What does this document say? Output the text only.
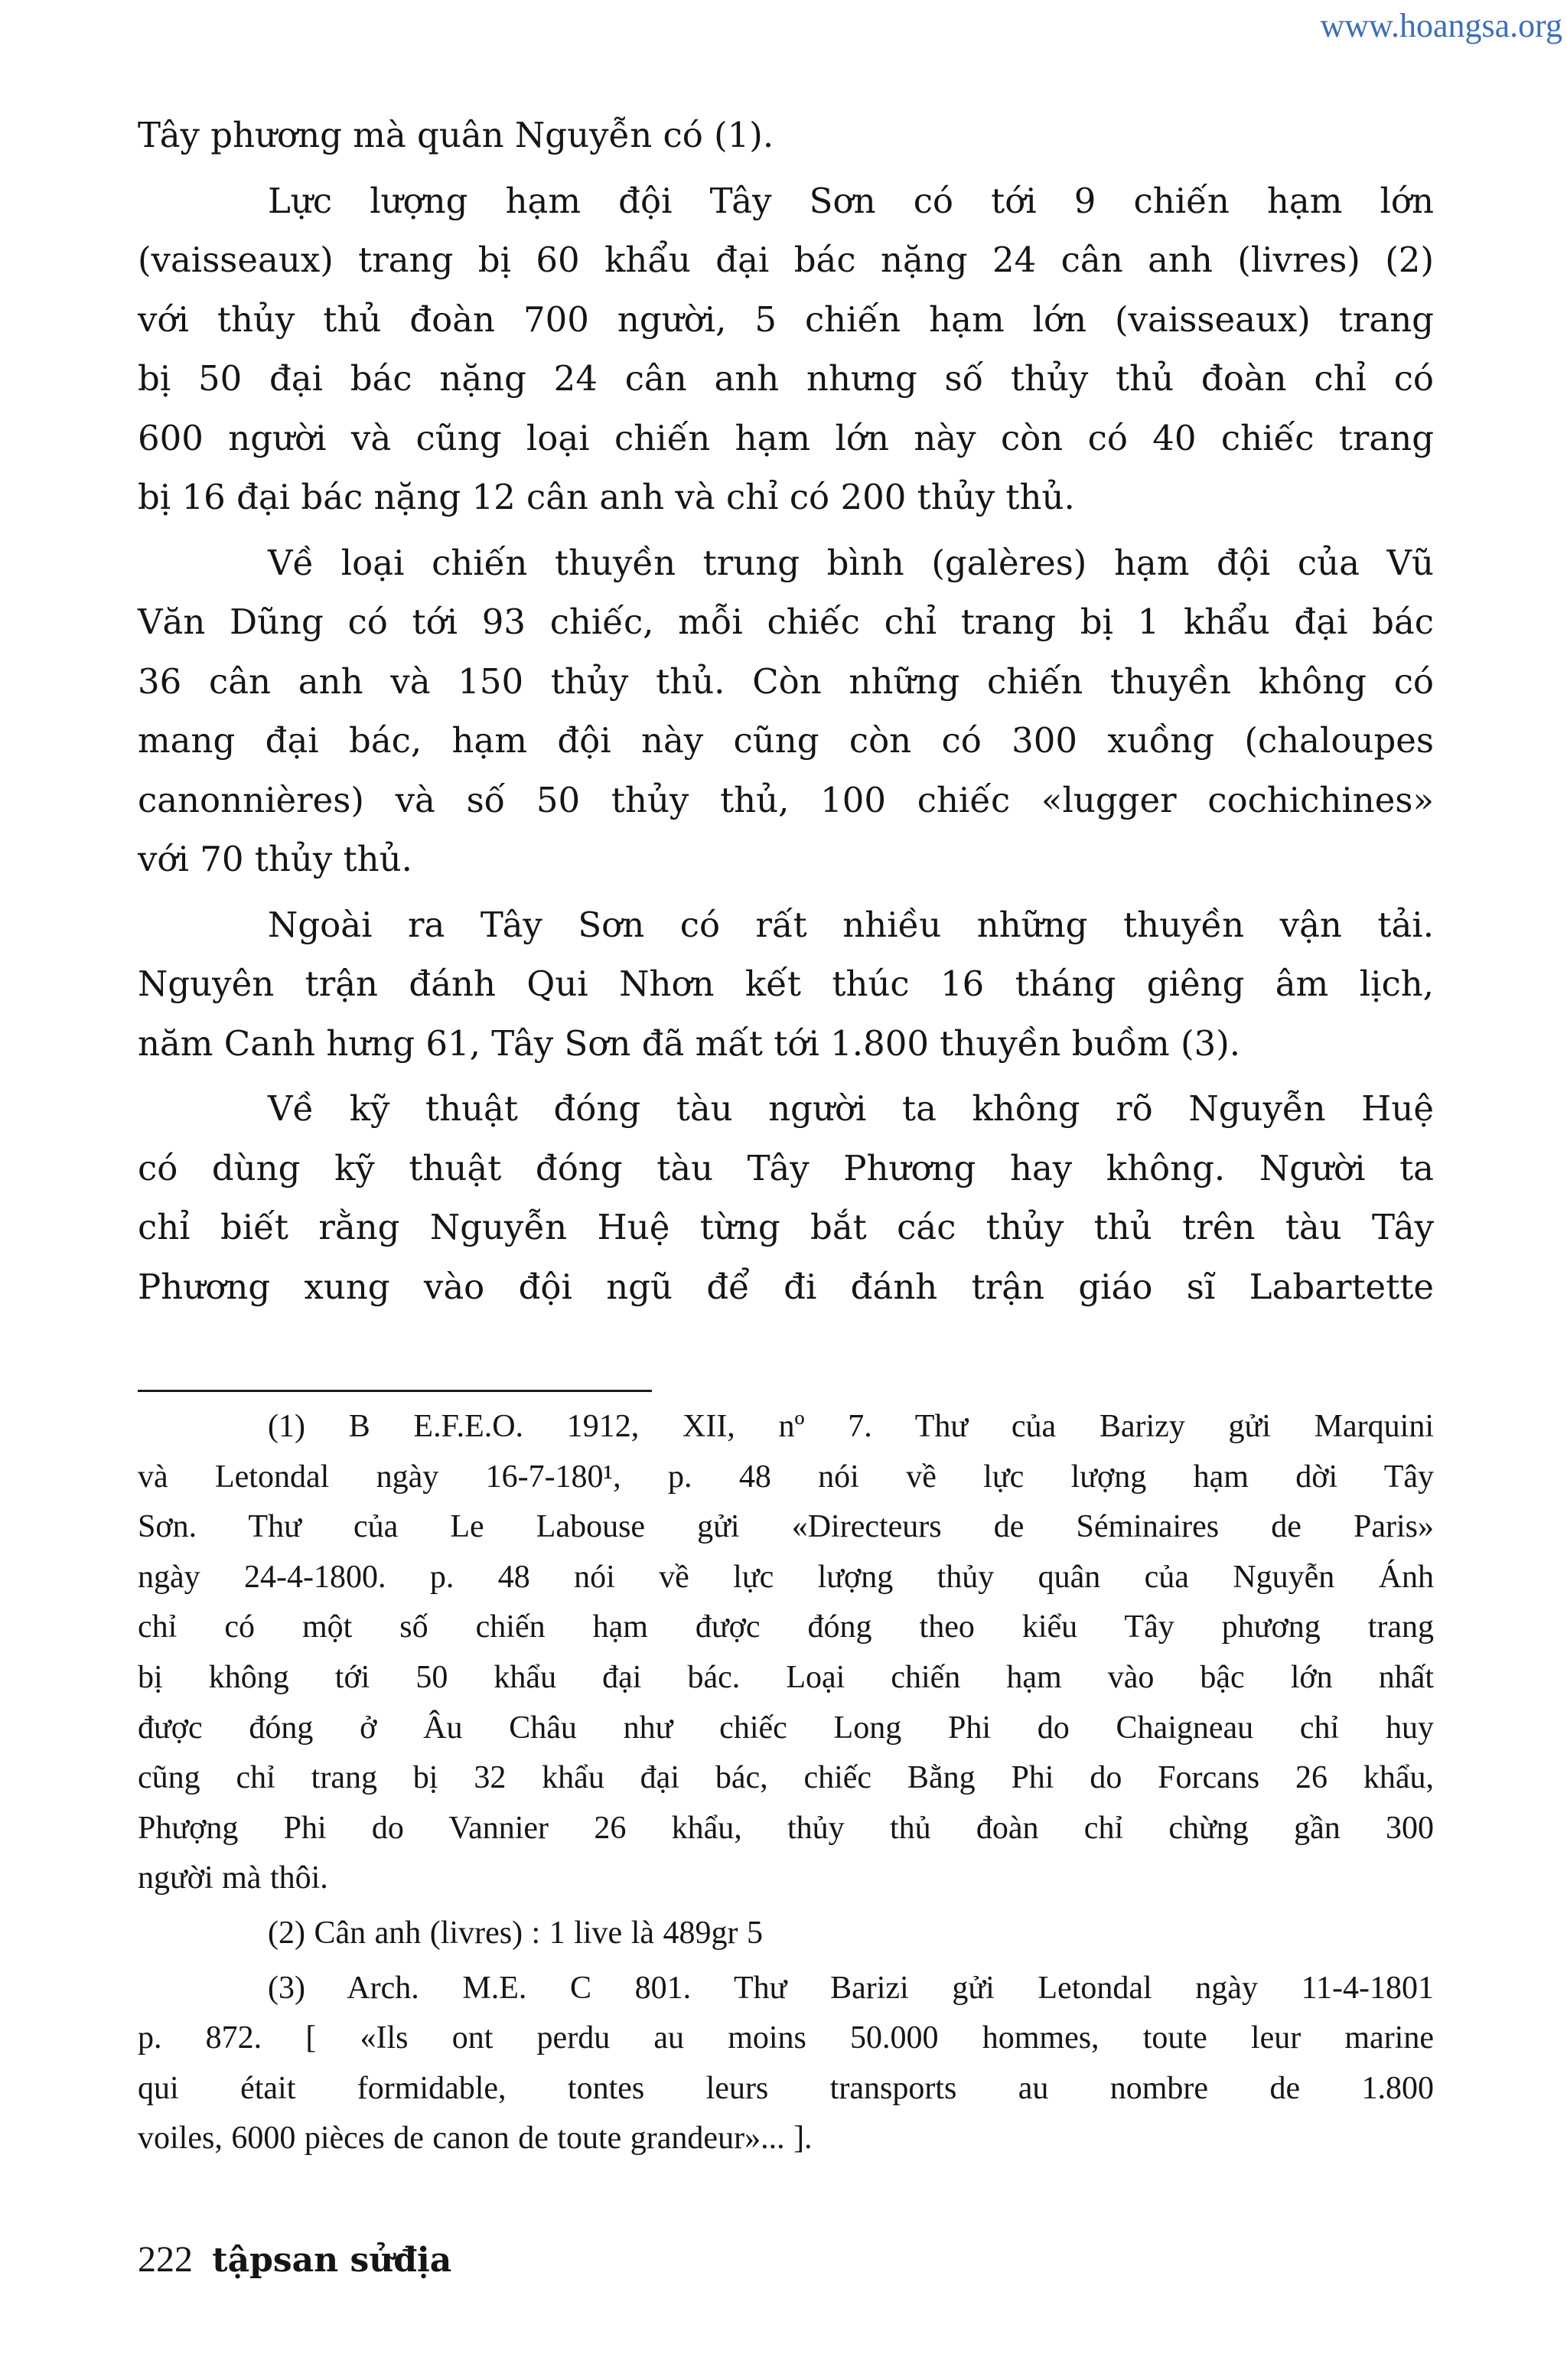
www.hoangsa.org

Tây phương mà quân Nguyễn có (1).

Lực lượng hạm đội Tây Sơn có tới 9 chiến hạm lớn
(vaisseaux) trang bị 60 khẩu đại bác nặng 24 cân anh (livres) (2)
với thủy thủ đoàn 700 người, 5 chiến hạm lớn (vaisseaux) trang
bị 50 đại bác nặng 24 cân anh nhưng số thủy thủ đoàn chỉ có
600 người và cũng loại chiến hạm lớn này còn có 40 chiếc trang
bị 16 đại bác nặng 12 cân anh và chỉ có 200 thủy thủ.

Về loại chiến thuyền trung bình (galères) hạm đội của Vũ
Văn Dũng có tới 93 chiếc, mỗi chiếc chỉ trang bị 1 khẩu đại bác
36 cân anh và 150 thủy thủ. Còn những chiến thuyền không có
mang đại bác, hạm đội này cũng còn có 300 xuồng (chaloupes
canonnières) và số 50 thủy thủ, 100 chiếc «lugger cochichines»
với 70 thủy thủ.

Ngoài ra Tây Sơn có rất nhiều những thuyền vận tải.
Nguyên trận đánh Qui Nhơn kết thúc 16 tháng giêng âm lịch,
năm Canh hưng 61, Tây Sơn đã mất tới 1.800 thuyền buồm (3).

Về kỹ thuật đóng tàu người ta không rõ Nguyễn Huệ
có dùng kỹ thuật đóng tàu Tây Phương hay không. Người ta
chỉ biết rằng Nguyễn Huệ từng bắt các thủy thủ trên tàu Tây
Phương xung vào đội ngũ để đi đánh trận giáo sĩ Labartette

(1) B E.F.E.O. 1912, XII, nº 7. Thư của Barizy gửi Marquini
và Letondal ngày 16-7-180¹, p. 48 nói về lực lượng hạm dời Tây
Sơn. Thư của Le Labouse gửi «Directeurs de Séminaires de Paris»
ngày 24-4-1800. p. 48 nói về lực lượng thủy quân của Nguyễn Ánh
chỉ có một số chiến hạm được đóng theo kiểu Tây phương trang
bị không tới 50 khẩu đại bác. Loại chiến hạm vào bậc lớn nhất
được đóng ở Âu Châu như chiếc Long Phi do Chaigneau chỉ huy
cũng chỉ trang bị 32 khẩu đại bác, chiếc Bằng Phi do Forcans 26 khẩu,
Phượng Phi do Vannier 26 khẩu, thủy thủ đoàn chỉ chừng gần 300
người mà thôi.

(2) Cân anh (livres) : 1 live là 489gr 5

(3) Arch. M.E. C 801. Thư Barizi gửi Letondal ngày 11-4-1801
p. 872. [ «Ils ont perdu au moins 50.000 hommes, toute leur marine
qui était formidable, tontes leurs transports au nombre de 1.800
voiles, 6000 pièces de canon de toute grandeur»... ].

222 tậpsan sửđịa
